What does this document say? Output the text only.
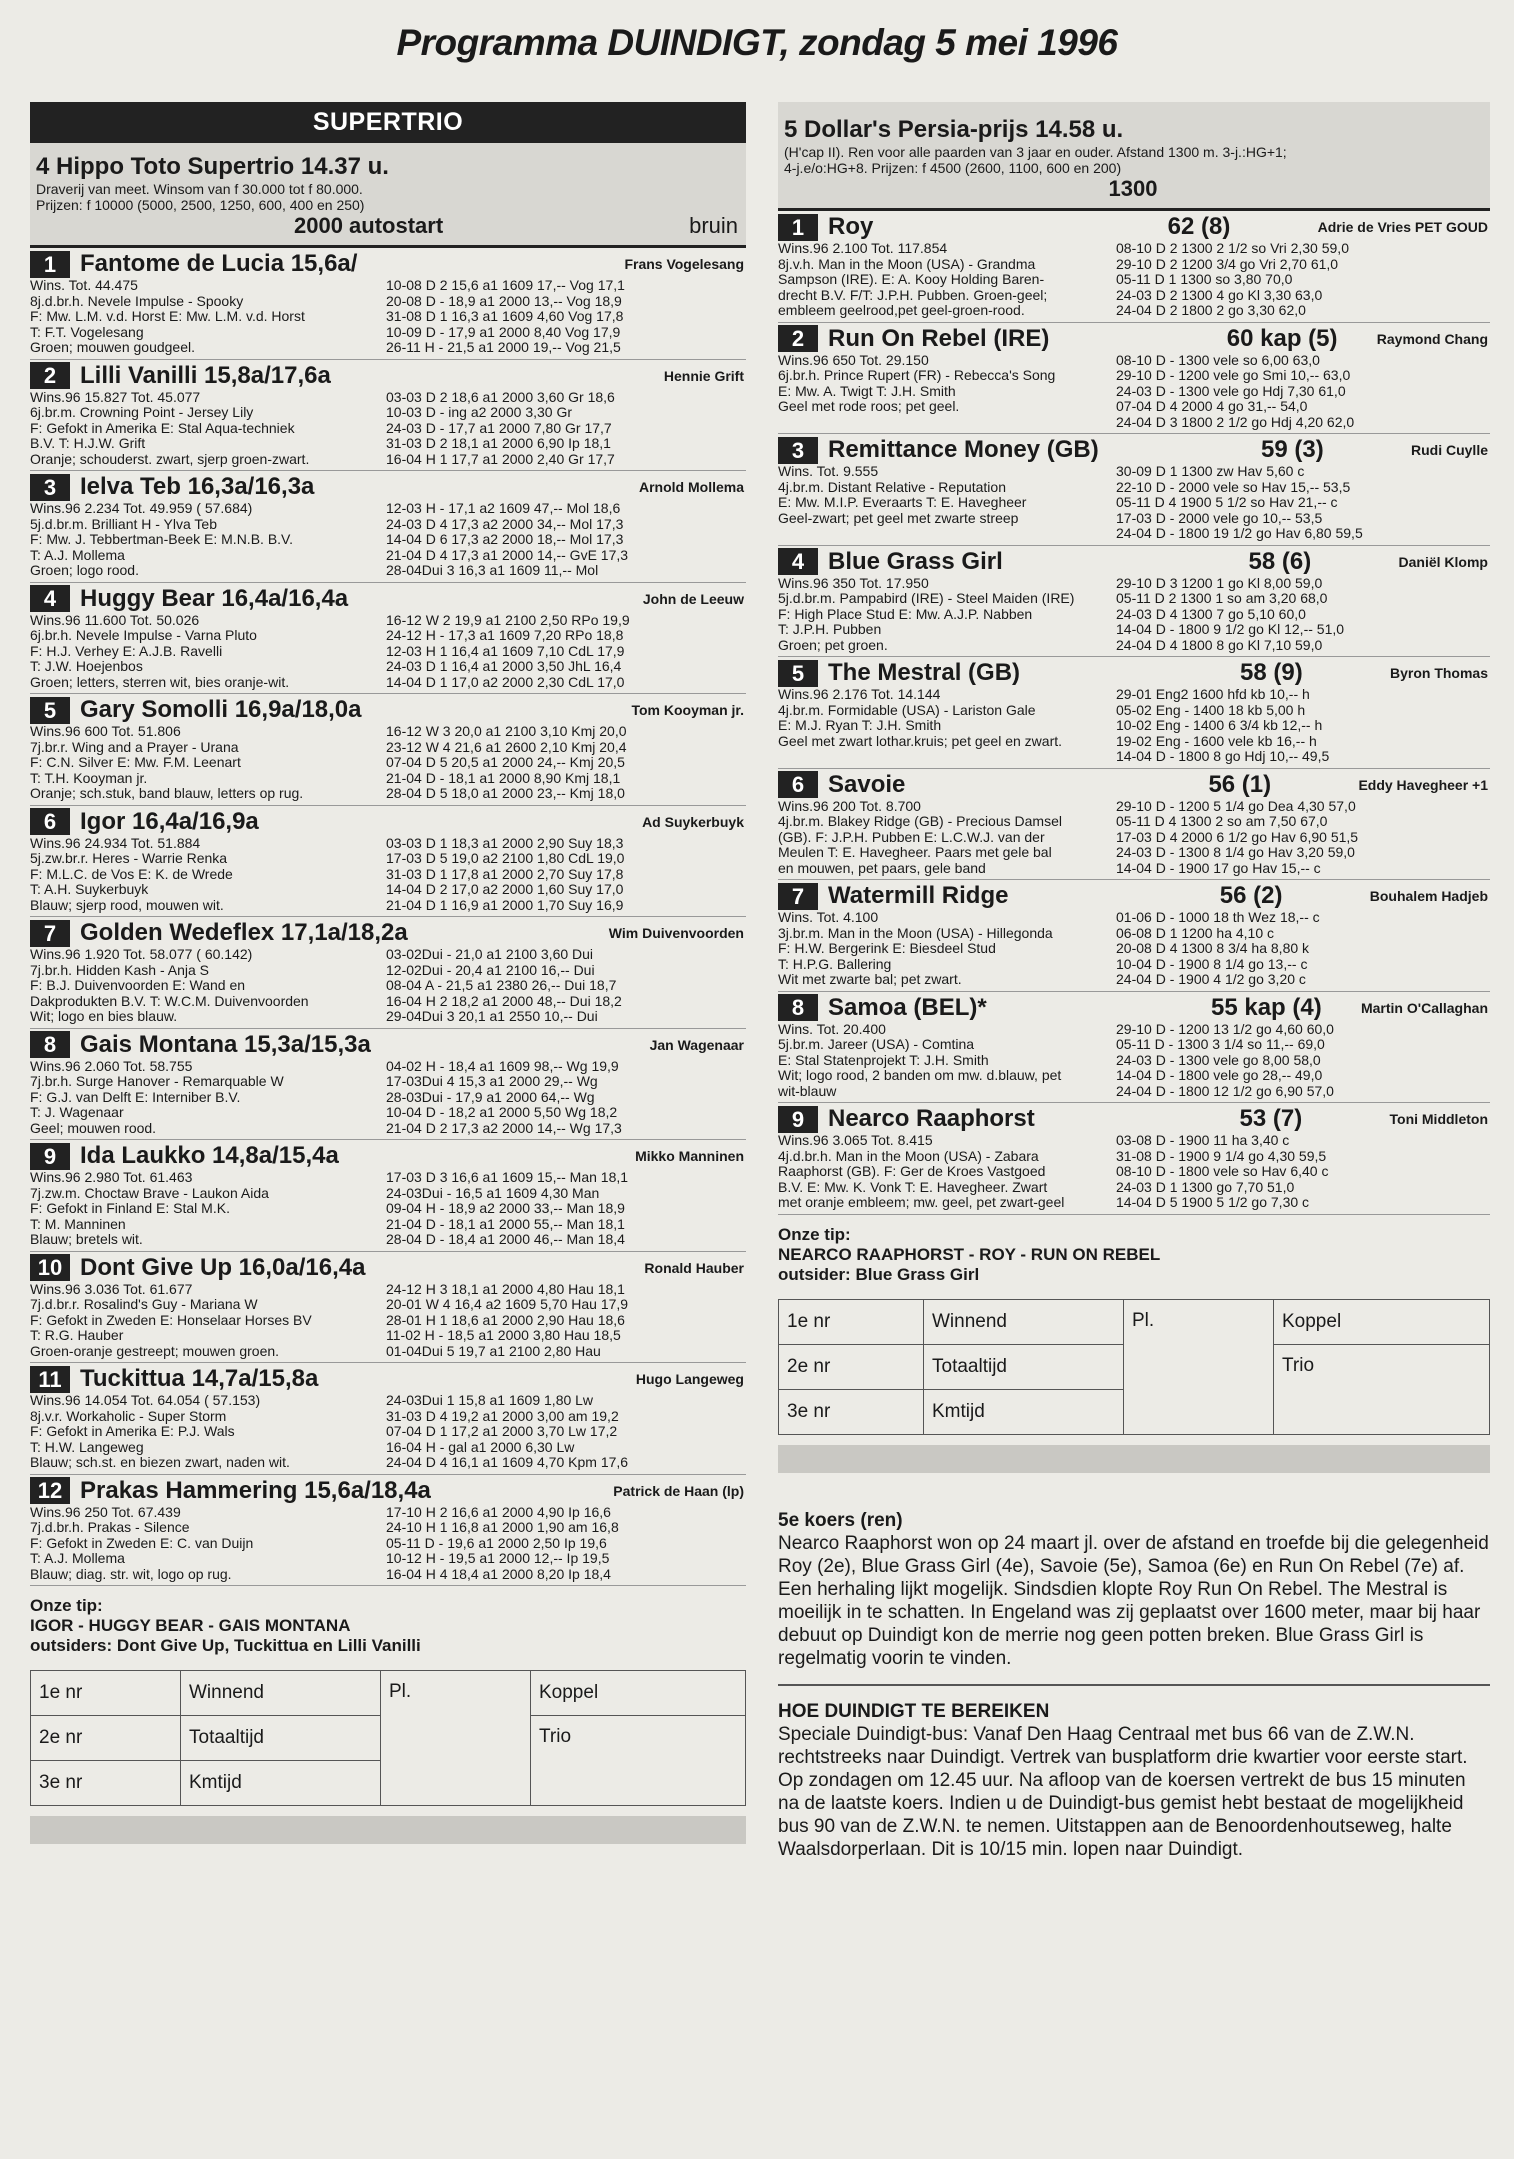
Programma DUINDIGT, zondag 5 mei 1996
SUPERTRIO
4 Hippo Toto Supertrio 14.37 u.
Draverij van meet. Winsom van f 30.000 tot f 80.000.
Prijzen: f 10000 (5000, 2500, 1250, 600, 400 en 250)
2000 autostart	bruin
1 Fantome de Lucia 15,6a/	Frans Vogelesang
Wins. Tot. 44.475
8j.d.br.h. Nevele Impulse - Spooky
F: Mw. L.M. v.d. Horst E: Mw. L.M. v.d. Horst
T: F.T. Vogelesang
Groen; mouwen goudgeel.
10-08 D 2 15,6 a1 1609 17,-- Vog 17,1
20-08 D - 18,9 a1 2000 13,-- Vog 18,9
31-08 D 1 16,3 a1 1609 4,60 Vog 17,8
10-09 D - 17,9 a1 2000 8,40 Vog 17,9
26-11 H - 21,5 a1 2000 19,-- Vog 21,5
2 Lilli Vanilli 15,8a/17,6a	Hennie Grift
Wins.96 15.827 Tot. 45.077
6j.br.m. Crowning Point - Jersey Lily
F: Gefokt in Amerika E: Stal Aqua-techniek
B.V. T: H.J.W. Grift
Oranje; schouderst. zwart, sjerp groen-zwart.
03-03 D 2 18,6 a1 2000 3,60 Gr 18,6
10-03 D - ing a2 2000 3,30 Gr
24-03 D - 17,7 a1 2000 7,80 Gr 17,7
31-03 D 2 18,1 a1 2000 6,90 Ip 18,1
16-04 H 1 17,7 a1 2000 2,40 Gr 17,7
3 Ielva Teb 16,3a/16,3a	Arnold Mollema
Wins.96 2.234 Tot. 49.959 ( 57.684)
5j.d.br.m. Brilliant H - Ylva Teb
F: Mw. J. Tebbertman-Beek E: M.N.B. B.V.
T: A.J. Mollema
Groen; logo rood.
12-03 H - 17,1 a2 1609 47,-- Mol 18,6
24-03 D 4 17,3 a2 2000 34,-- Mol 17,3
14-04 D 6 17,3 a2 2000 18,-- Mol 17,3
21-04 D 4 17,3 a1 2000 14,-- GvE 17,3
28-04Dui 3 16,3 a1 1609 11,-- Mol
4 Huggy Bear 16,4a/16,4a	John de Leeuw
Wins.96 11.600 Tot. 50.026
6j.br.h. Nevele Impulse - Varna Pluto
F: H.J. Verhey E: A.J.B. Ravelli
T: J.W. Hoejenbos
Groen; letters, sterren wit, bies oranje-wit.
16-12 W 2 19,9 a1 2100 2,50 RPo 19,9
24-12 H - 17,3 a1 1609 7,20 RPo 18,8
12-03 H 1 16,4 a1 1609 7,10 CdL 17,9
24-03 D 1 16,4 a1 2000 3,50 JhL 16,4
14-04 D 1 17,0 a2 2000 2,30 CdL 17,0
5 Gary Somolli 16,9a/18,0a	Tom Kooyman jr.
Wins.96 600 Tot. 51.806
7j.br.r. Wing and a Prayer - Urana
F: C.N. Silver E: Mw. F.M. Leenart
T: T.H. Kooyman jr.
Oranje; sch.stuk, band blauw, letters op rug.
16-12 W 3 20,0 a1 2100 3,10 Kmj 20,0
23-12 W 4 21,6 a1 2600 2,10 Kmj 20,4
07-04 D 5 20,5 a1 2000 24,-- Kmj 20,5
21-04 D - 18,1 a1 2000 8,90 Kmj 18,1
28-04 D 5 18,0 a1 2000 23,-- Kmj 18,0
6 Igor 16,4a/16,9a	Ad Suykerbuyk
Wins.96 24.934 Tot. 51.884
5j.zw.br.r. Heres - Warrie Renka
F: M.L.C. de Vos E: K. de Wrede
T: A.H. Suykerbuyk
Blauw; sjerp rood, mouwen wit.
03-03 D 1 18,3 a1 2000 2,90 Suy 18,3
17-03 D 5 19,0 a2 2100 1,80 CdL 19,0
31-03 D 1 17,8 a1 2000 2,70 Suy 17,8
14-04 D 2 17,0 a2 2000 1,60 Suy 17,0
21-04 D 1 16,9 a1 2000 1,70 Suy 16,9
7 Golden Wedeflex 17,1a/18,2a	Wim Duivenvoorden
Wins.96 1.920 Tot. 58.077 ( 60.142)
7j.br.h. Hidden Kash - Anja S
F: B.J. Duivenvoorden E: Wand en
Dakprodukten B.V. T: W.C.M. Duivenvoorden
Wit; logo en bies blauw.
03-02Dui - 21,0 a1 2100 3,60 Dui
12-02Dui - 20,4 a1 2100 16,-- Dui
08-04 A - 21,5 a1 2380 26,-- Dui 18,7
16-04 H 2 18,2 a1 2000 48,-- Dui 18,2
29-04Dui 3 20,1 a1 2550 10,-- Dui
8 Gais Montana 15,3a/15,3a	Jan Wagenaar
Wins.96 2.060 Tot. 58.755
7j.br.h. Surge Hanover - Remarquable W
F: G.J. van Delft E: Interniber B.V.
T: J. Wagenaar
Geel; mouwen rood.
04-02 H - 18,4 a1 1609 98,-- Wg 19,9
17-03Dui 4 15,3 a1 2000 29,-- Wg
28-03Dui - 17,9 a1 2000 64,-- Wg
10-04 D - 18,2 a1 2000 5,50 Wg 18,2
21-04 D 2 17,3 a2 2000 14,-- Wg 17,3
9 Ida Laukko 14,8a/15,4a	Mikko Manninen
Wins.96 2.980 Tot. 61.463
7j.zw.m. Choctaw Brave - Laukon Aida
F: Gefokt in Finland E: Stal M.K.
T: M. Manninen
Blauw; bretels wit.
17-03 D 3 16,6 a1 1609 15,-- Man 18,1
24-03Dui - 16,5 a1 1609 4,30 Man
09-04 H - 18,9 a2 2000 33,-- Man 18,9
21-04 D - 18,1 a1 2000 55,-- Man 18,1
28-04 D - 18,4 a1 2000 46,-- Man 18,4
10 Dont Give Up 16,0a/16,4a	Ronald Hauber
Wins.96 3.036 Tot. 61.677
7j.d.br.r. Rosalind's Guy - Mariana W
F: Gefokt in Zweden E: Honselaar Horses BV
T: R.G. Hauber
Groen-oranje gestreept; mouwen groen.
24-12 H 3 18,1 a1 2000 4,80 Hau 18,1
20-01 W 4 16,4 a2 1609 5,70 Hau 17,9
28-01 H 1 18,6 a1 2000 2,90 Hau 18,6
11-02 H - 18,5 a1 2000 3,80 Hau 18,5
01-04Dui 5 19,7 a1 2100 2,80 Hau
11 Tuckittua 14,7a/15,8a	Hugo Langeweg
Wins.96 14.054 Tot. 64.054 ( 57.153)
8j.v.r. Workaholic - Super Storm
F: Gefokt in Amerika E: P.J. Wals
T: H.W. Langeweg
Blauw; sch.st. en biezen zwart, naden wit.
24-03Dui 1 15,8 a1 1609 1,80 Lw
31-03 D 4 19,2 a1 2000 3,00 am 19,2
07-04 D 1 17,2 a1 2000 3,70 Lw 17,2
16-04 H - gal a1 2000 6,30 Lw
24-04 D 4 16,1 a1 1609 4,70 Kpm 17,6
12 Prakas Hammering 15,6a/18,4a	Patrick de Haan (lp)
Wins.96 250 Tot. 67.439
7j.d.br.h. Prakas - Silence
F: Gefokt in Zweden E: C. van Duijn
T: A.J. Mollema
Blauw; diag. str. wit, logo op rug.
17-10 H 2 16,6 a1 2000 4,90 Ip 16,6
24-10 H 1 16,8 a1 2000 1,90 am 16,8
05-11 D - 19,6 a1 2000 2,50 Ip 19,6
10-12 H - 19,5 a1 2000 12,-- Ip 19,5
16-04 H 4 18,4 a1 2000 8,20 Ip 18,4
Onze tip:
IGOR - HUGGY BEAR - GAIS MONTANA
outsiders: Dont Give Up, Tuckittua en Lilli Vanilli
1e nr	Winnend	Pl.	Koppel
2e nr	Totaaltijd		Trio
3e nr	Kmtijd		
5 Dollar's Persia-prijs 14.58 u.
(H'cap II). Ren voor alle paarden van 3 jaar en ouder. Afstand 1300 m. 3-j.:HG+1;
4-j.e/o:HG+8. Prijzen: f 4500 (2600, 1100, 600 en 200)
1300
1 Roy	62 (8)	Adrie de Vries PET GOUD
Wins.96 2.100 Tot. 117.854
8j.v.h. Man in the Moon (USA) - Grandma
Sampson (IRE). E: A. Kooy Holding Baren-
drecht B.V. F/T: J.P.H. Pubben. Groen-geel;
embleem geelrood,pet geel-groen-rood.
08-10 D 2 1300 2 1/2 so Vri 2,30 59,0
29-10 D 2 1200 3/4 go Vri 2,70 61,0
05-11 D 1 1300 so 3,80 70,0
24-03 D 2 1300 4 go Kl 3,30 63,0
24-04 D 2 1800 2 go 3,30 62,0
2 Run On Rebel (IRE)	60 kap (5)	Raymond Chang
Wins.96 650 Tot. 29.150
6j.br.h. Prince Rupert (FR) - Rebecca's Song
E: Mw. A. Twigt T: J.H. Smith
Geel met rode roos; pet geel.
08-10 D - 1300 vele so 6,00 63,0
29-10 D - 1200 vele go Smi 10,-- 63,0
24-03 D - 1300 vele go Hdj 7,30 61,0
07-04 D 4 2000 4 go 31,-- 54,0
24-04 D 3 1800 2 1/2 go Hdj 4,20 62,0
3 Remittance Money (GB)	59 (3)	Rudi Cuylle
Wins. Tot. 9.555
4j.br.m. Distant Relative - Reputation
E: Mw. M.I.P. Everaarts T: E. Havegheer
Geel-zwart; pet geel met zwarte streep
30-09 D 1 1300 zw Hav 5,60 c
22-10 D - 2000 vele so Hav 15,-- 53,5
05-11 D 4 1900 5 1/2 so Hav 21,-- c
17-03 D - 2000 vele go 10,-- 53,5
24-04 D - 1800 19 1/2 go Hav 6,80 59,5
4 Blue Grass Girl	58 (6)	Daniël Klomp
Wins.96 350 Tot. 17.950
5j.d.br.m. Pampabird (IRE) - Steel Maiden (IRE)
F: High Place Stud E: Mw. A.J.P. Nabben
T: J.P.H. Pubben
Groen; pet groen.
29-10 D 3 1200 1 go Kl 8,00 59,0
05-11 D 2 1300 1 so am 3,20 68,0
24-03 D 4 1300 7 go 5,10 60,0
14-04 D - 1800 9 1/2 go Kl 12,-- 51,0
24-04 D 4 1800 8 go Kl 7,10 59,0
5 The Mestral (GB)	58 (9)	Byron Thomas
Wins.96 2.176 Tot. 14.144
4j.br.m. Formidable (USA) - Lariston Gale
E: M.J. Ryan T: J.H. Smith
Geel met zwart lothar.kruis; pet geel en zwart.
29-01 Eng2 1600 hfd kb 10,-- h
05-02 Eng - 1400 18 kb 5,00 h
10-02 Eng - 1400 6 3/4 kb 12,-- h
19-02 Eng - 1600 vele kb 16,-- h
14-04 D - 1800 8 go Hdj 10,-- 49,5
6 Savoie	56 (1)	Eddy Havegheer +1
Wins.96 200 Tot. 8.700
4j.br.m. Blakey Ridge (GB) - Precious Damsel
(GB). F: J.P.H. Pubben E: L.C.W.J. van der
Meulen T: E. Havegheer. Paars met gele bal
en mouwen, pet paars, gele band
29-10 D - 1200 5 1/4 go Dea 4,30 57,0
05-11 D 4 1300 2 so am 7,50 67,0
17-03 D 4 2000 6 1/2 go Hav 6,90 51,5
24-03 D - 1300 8 1/4 go Hav 3,20 59,0
14-04 D - 1900 17 go Hav 15,-- c
7 Watermill Ridge	56 (2)	Bouhalem Hadjeb
Wins. Tot. 4.100
3j.br.m. Man in the Moon (USA) - Hillegonda
F: H.W. Bergerink E: Biesdeel Stud
T: H.P.G. Ballering
Wit met zwarte bal; pet zwart.
01-06 D - 1000 18 th Wez 18,-- c
06-08 D 1 1200 ha 4,10 c
20-08 D 4 1300 8 3/4 ha 8,80 k
10-04 D - 1900 8 1/4 go 13,-- c
24-04 D - 1900 4 1/2 go 3,20 c
8 Samoa (BEL)*	55 kap (4)	Martin O'Callaghan
Wins. Tot. 20.400
5j.br.m. Jareer (USA) - Comtina
E: Stal Statenprojekt T: J.H. Smith
Wit; logo rood, 2 banden om mw. d.blauw, pet
wit-blauw
29-10 D - 1200 13 1/2 go 4,60 60,0
05-11 D - 1300 3 1/4 so 11,-- 69,0
24-03 D - 1300 vele go 8,00 58,0
14-04 D - 1800 vele go 28,-- 49,0
24-04 D - 1800 12 1/2 go 6,90 57,0
9 Nearco Raaphorst	53 (7)	Toni Middleton
Wins.96 3.065 Tot. 8.415
4j.d.br.h. Man in the Moon (USA) - Zabara
Raaphorst (GB). F: Ger de Kroes Vastgoed
B.V. E: Mw. K. Vonk T: E. Havegheer. Zwart
met oranje embleem; mw. geel, pet zwart-geel
03-08 D - 1900 11 ha 3,40 c
31-08 D - 1900 9 1/4 go 4,30 59,5
08-10 D - 1800 vele so Hav 6,40 c
24-03 D 1 1300 go 7,70 51,0
14-04 D 5 1900 5 1/2 go 7,30 c
Onze tip:
NEARCO RAAPHORST - ROY - RUN ON REBEL
outsider: Blue Grass Girl
1e nr	Winnend	Pl.	Koppel
2e nr	Totaaltijd		Trio
3e nr	Kmtijd		
5e koers (ren)

Nearco Raaphorst won op 24 maart jl. over de afstand en troefde bij die gelegenheid Roy (2e), Blue Grass Girl (4e), Savoie (5e), Samoa (6e) en Run On Rebel (7e) af. Een herhaling lijkt mogelijk. Sindsdien klopte Roy Run On Rebel. The Mestral is moeilijk in te schatten. In Engeland was zij geplaatst over 1600 meter, maar bij haar debuut op Duindigt kon de merrie nog geen potten breken. Blue Grass Girl is regelmatig voorin te vinden.

HOE DUINDIGT TE BEREIKEN

Speciale Duindigt-bus: Vanaf Den Haag Centraal met bus 66 van de Z.W.N. rechtstreeks naar Duindigt. Vertrek van busplatform drie kwartier voor eerste start. Op zondagen om 12.45 uur. Na afloop van de koersen vertrekt de bus 15 minuten na de laatste koers. Indien u de Duindigt-bus gemist hebt bestaat de mogelijkheid bus 90 van de Z.W.N. te nemen. Uitstappen aan de Benoordenhoutseweg, halte Waalsdorperlaan. Dit is 10/15 min. lopen naar Duindigt.
